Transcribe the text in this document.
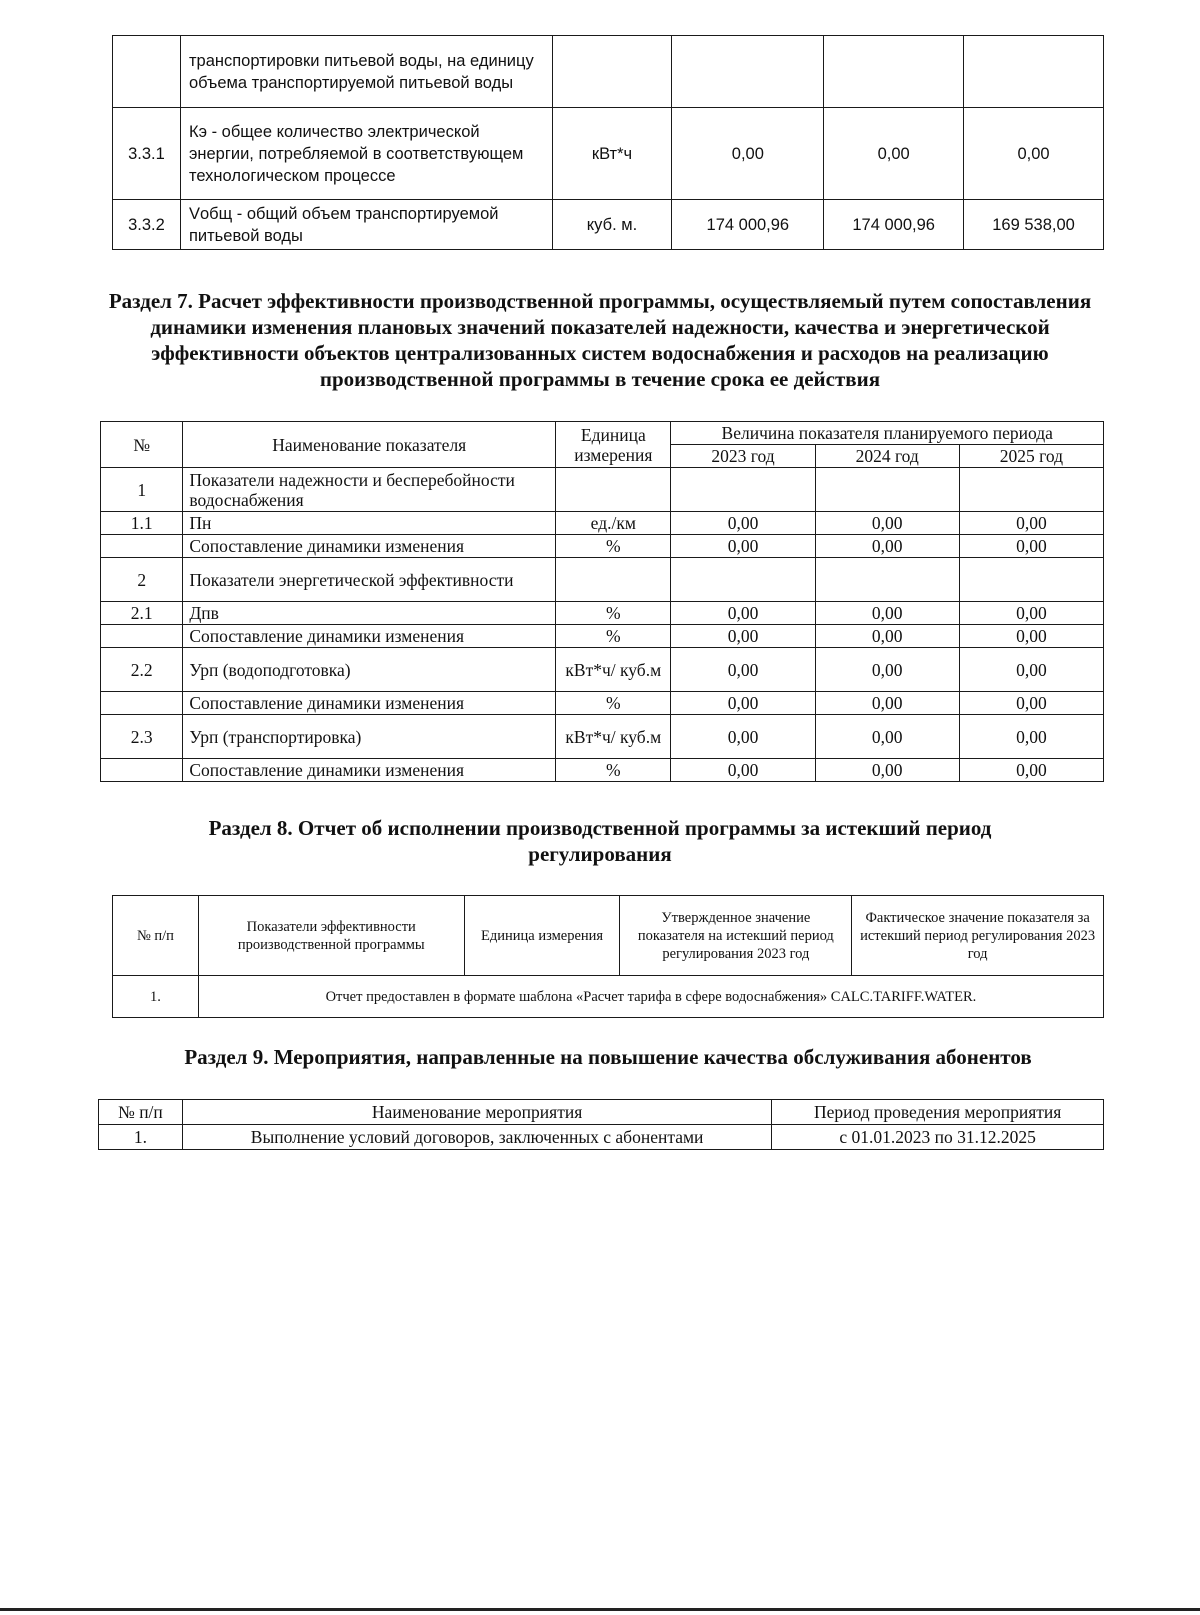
	транспортировки питьевой воды, на единицу объема транспортируемой питьевой воды				
3.3.1	Кэ - общее количество электрической энергии, потребляемой в соответствующем технологическом процессе	кВт*ч	0,00	0,00	0,00
3.3.2	Vобщ - общий объем транспортируемой питьевой воды	куб. м.	174 000,96	174 000,96	169 538,00
Раздел 7. Расчет эффективности производственной программы, осуществляемый путем сопоставления динамики изменения плановых значений показателей надежности, качества и энергетической эффективности объектов централизованных систем водоснабжения и расходов на реализацию производственной программы в течение срока ее действия
№	Наименование показателя	Единица измерения	Величина показателя планируемого периода		
			2023 год	2024 год	2025 год
1	Показатели надежности и бесперебойности водоснабжения				
1.1	Пн	ед./км	0,00	0,00	0,00
	Сопоставление динамики изменения	%	0,00	0,00	0,00
2	Показатели энергетической эффективности				
2.1	Дпв	%	0,00	0,00	0,00
	Сопоставление динамики изменения	%	0,00	0,00	0,00
2.2	Урп (водоподготовка)	кВт*ч/ куб.м	0,00	0,00	0,00
	Сопоставление динамики изменения	%	0,00	0,00	0,00
2.3	Урп (транспортировка)	кВт*ч/ куб.м	0,00	0,00	0,00
	Сопоставление динамики изменения	%	0,00	0,00	0,00
Раздел 8. Отчет об исполнении производственной программы за истекший период регулирования
№ п/п	Показатели эффективности производственной программы	Единица измерения	Утвержденное значение показателя на истекший период регулирования 2023 год	Фактическое значение показателя за истекший период регулирования 2023 год
1.	Отчет предоставлен в формате шаблона «Расчет тарифа в сфере водоснабжения» CALC.TARIFF.WATER.			
Раздел 9. Мероприятия, направленные на повышение качества обслуживания абонентов
№ п/п	Наименование мероприятия	Период проведения мероприятия
1.	Выполнение условий договоров, заключенных с абонентами	с 01.01.2023 по 31.12.2025
